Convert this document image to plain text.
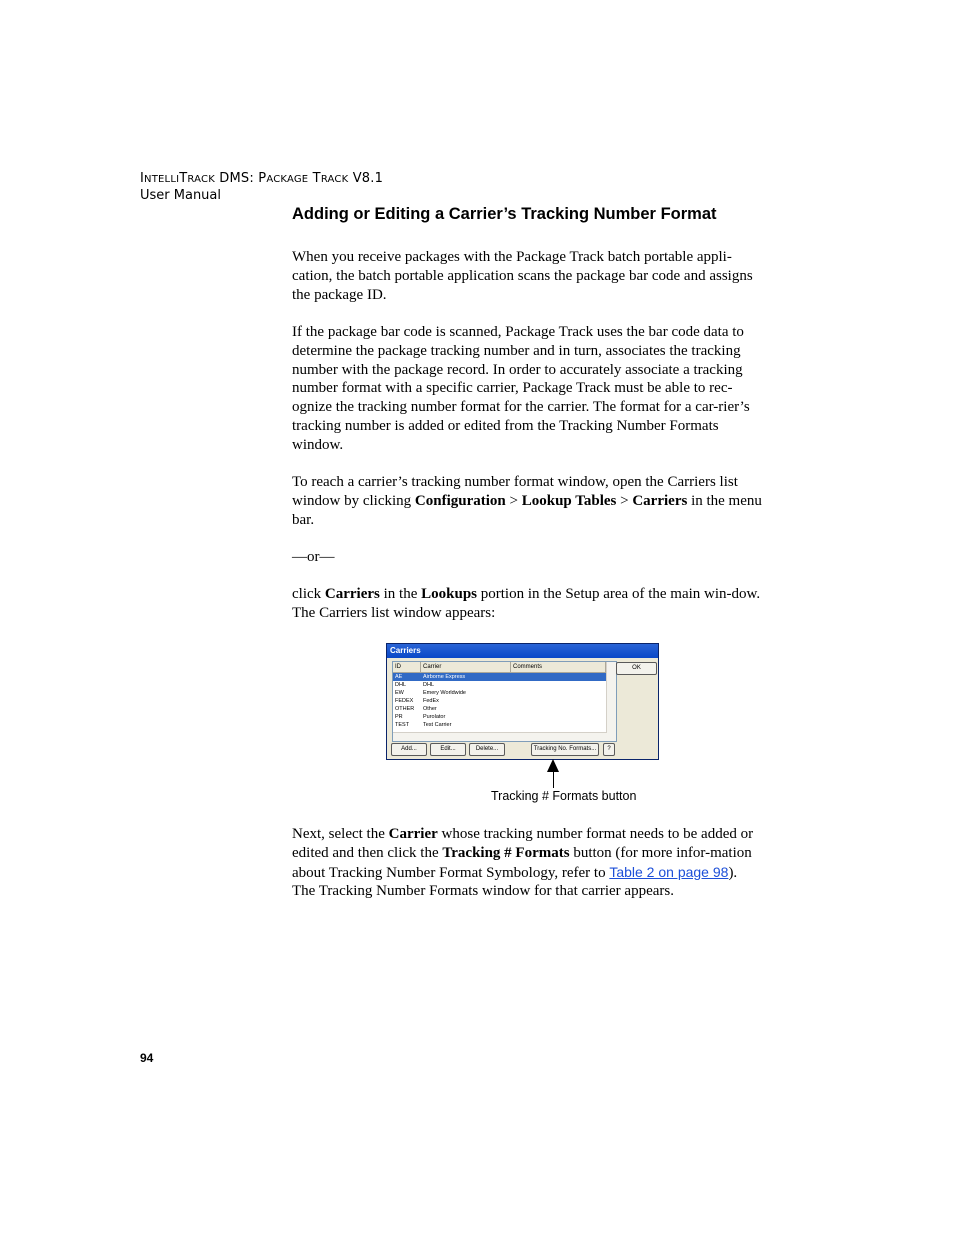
INTELLITRACK DMS: PACKAGE TRACK V8.1
User Manual
Adding or Editing a Carrier’s Tracking Number Format

When you receive packages with the Package Track batch portable appli-cation, the batch portable application scans the package bar code and assigns the package ID.

If the package bar code is scanned, Package Track uses the bar code data to determine the package tracking number and in turn, associates the tracking number with the package record. In order to accurately associate a tracking number format with a specific carrier, Package Track must be able to rec-ognize the tracking number format for the carrier. The format for a car-rier’s tracking number is added or edited from the Tracking Number Formats window.

To reach a carrier’s tracking number format window, open the Carriers list window by clicking Configuration > Lookup Tables > Carriers in the menu bar.

—or—

click Carriers in the Lookups portion in the Setup area of the main win-dow. The Carriers list window appears:

Carriers
ID	Carrier	Comments
AE	Airborne Express
DHL	DHL
EW	Emery Worldwide
FEDEX	FedEx
OTHER	Other
PR	Purolator
TEST	Test Carrier
OK
Add...	Edit...	Delete...	Tracking No. Formats...	?
Tracking # Formats button

Next, select the Carrier whose tracking number format needs to be added or edited and then click the Tracking # Formats button (for more infor-mation about Tracking Number Format Symbology, refer to Table 2 on page 98). The Tracking Number Formats window for that carrier appears.

94
